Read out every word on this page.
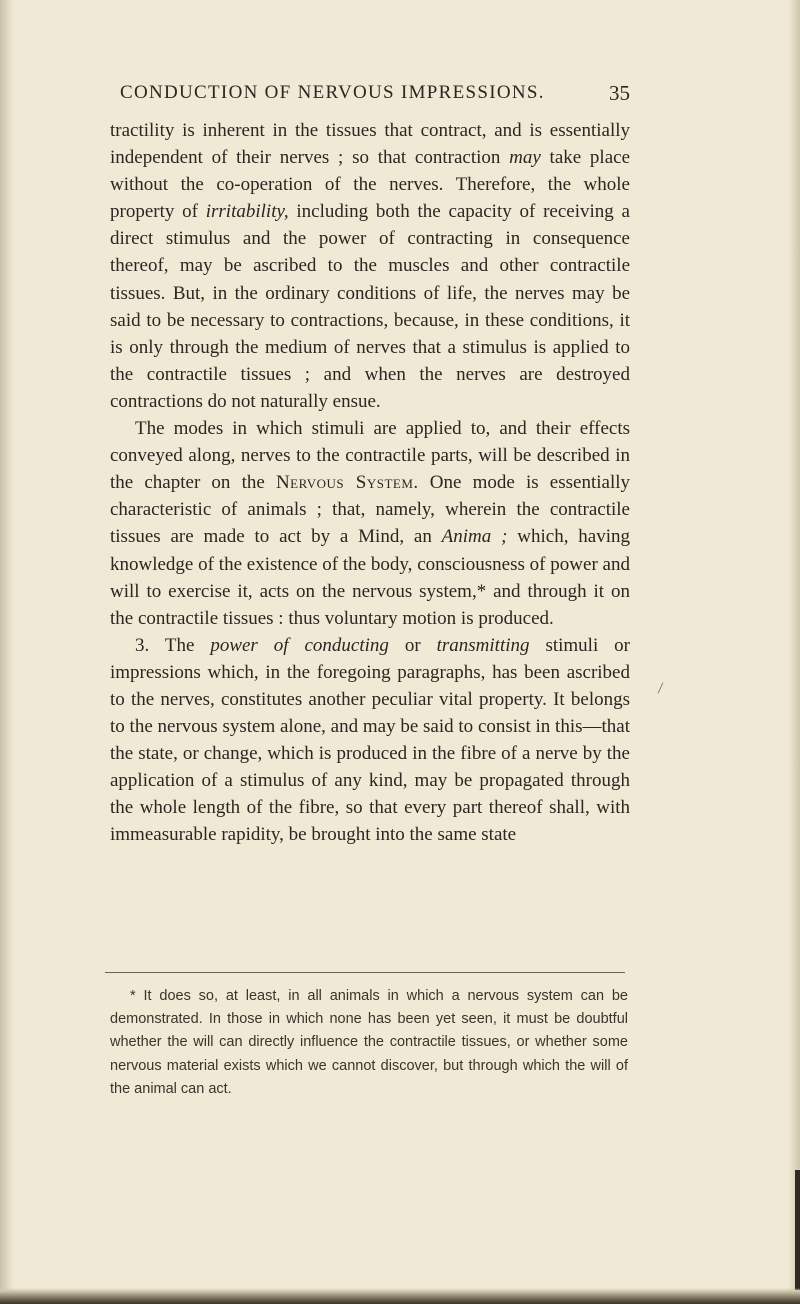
CONDUCTION OF NERVOUS IMPRESSIONS.	35

tractility is inherent in the tissues that contract, and is essentially independent of their nerves ; so that contraction may take place without the co-operation of the nerves. Therefore, the whole property of irritability, including both the capacity of receiving a direct stimulus and the power of contracting in consequence thereof, may be ascribed to the muscles and other contractile tissues. But, in the ordinary conditions of life, the nerves may be said to be necessary to contractions, because, in these conditions, it is only through the medium of nerves that a stimulus is applied to the contractile tissues ; and when the nerves are destroyed contractions do not naturally ensue.

The modes in which stimuli are applied to, and their effects conveyed along, nerves to the contractile parts, will be described in the chapter on the Nervous System. One mode is essentially characteristic of animals ; that, namely, wherein the contractile tissues are made to act by a Mind, an Anima ; which, having knowledge of the existence of the body, consciousness of power and will to exercise it, acts on the nervous system,* and through it on the contractile tissues : thus voluntary motion is produced.

3. The power of conducting or transmitting stimuli or impressions which, in the foregoing paragraphs, has been ascribed to the nerves, constitutes another peculiar vital property. It belongs to the nervous system alone, and may be said to consist in this—that the state, or change, which is produced in the fibre of a nerve by the application of a stimulus of any kind, may be propagated through the whole length of the fibre, so that every part thereof shall, with immeasurable rapidity, be brought into the same state

* It does so, at least, in all animals in which a nervous system can be demonstrated. In those in which none has been yet seen, it must be doubtful whether the will can directly influence the contractile tissues, or whether some nervous material exists which we cannot discover, but through which the will of the animal can act.
